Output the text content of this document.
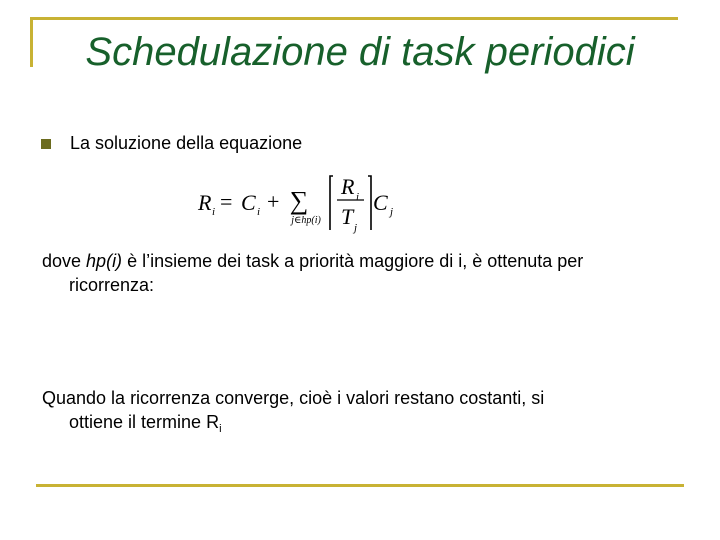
Schedulazione di task periodici
La soluzione della equazione
R i = C i + ∑
j∈hp(i)
R i
T j
C j
dove hp(i) è l’insieme dei task a priorità maggiore di i, è ottenuta per
ricorrenza:
Quando la ricorrenza converge, cioè i valori restano costanti, si
ottiene il termine $R_i$
